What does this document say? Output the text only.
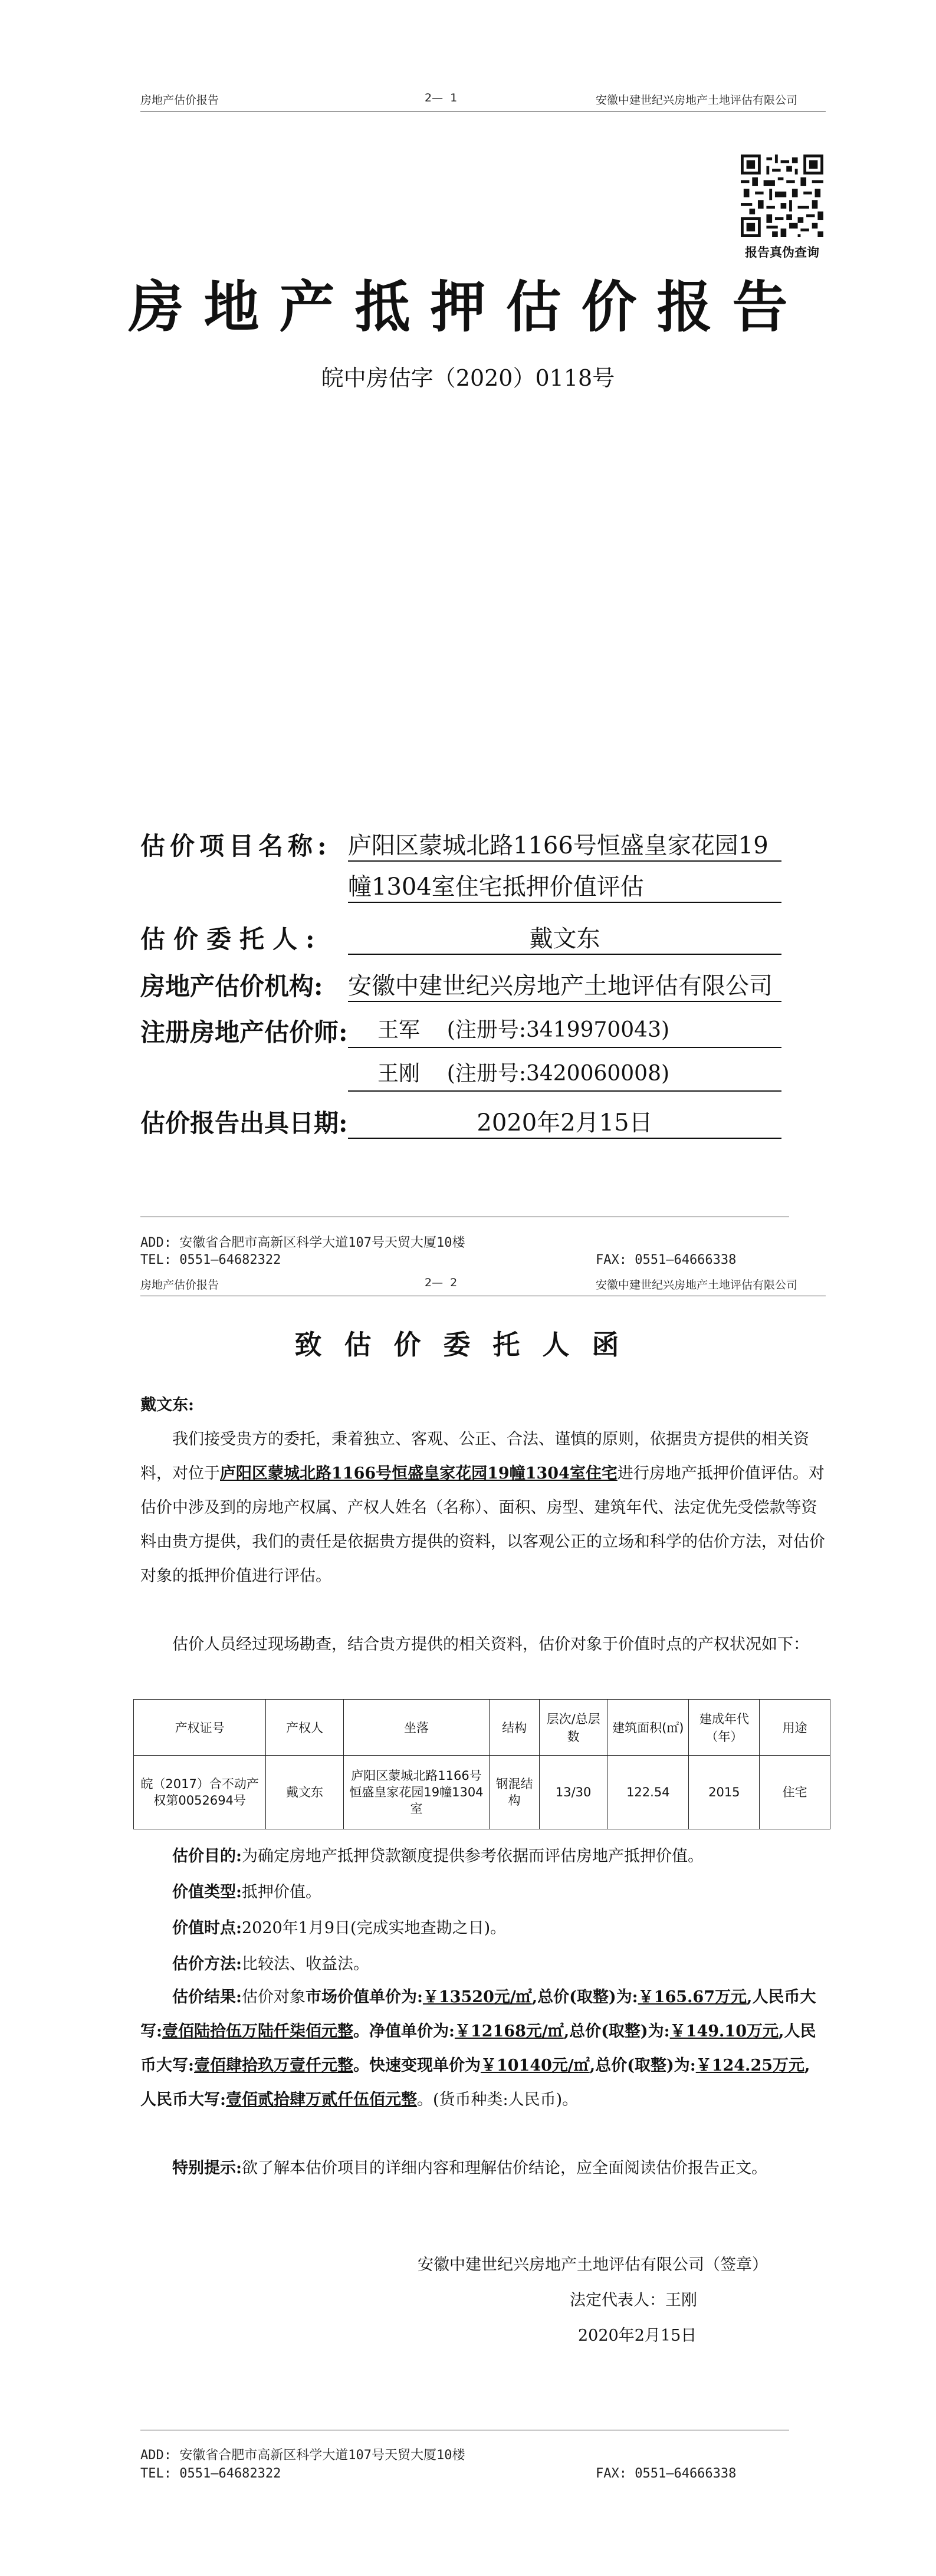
房地产估价报告	2—  1	安徽中建世纪兴房地产土地评估有限公司
报告真伪查询
房地产抵押估价报告
皖中房估字（2020）0118号
估价项目名称: 庐阳区蒙城北路1166号恒盛皇家花园19
幢1304室住宅抵押价值评估
估价委托人:	戴文东
房地产估价机构: 安徽中建世纪兴房地产土地评估有限公司
注册房地产估价师: 王军    (注册号:3419970043)
王刚    (注册号:3420060008)
估价报告出具日期:	2020年2月15日
ADD: 安徽省合肥市高新区科学大道107号天贸大厦10楼
TEL: 0551—64682322	FAX: 0551—64666338
房地产估价报告	2—  2	安徽中建世纪兴房地产土地评估有限公司
致估价委托人函
戴文东:
我们接受贵方的委托，秉着独立、客观、公正、合法、谨慎的原则，依据贵方提供的相关资料，对位于庐阳区蒙城北路1166号恒盛皇家花园19幢1304室住宅进行房地产抵押价值评估。对估价中涉及到的房地产权属、产权人姓名（名称）、面积、房型、建筑年代、法定优先受偿款等资料由贵方提供，我们的责任是依据贵方提供的资料，以客观公正的立场和科学的估价方法，对估价对象的抵押价值进行评估。
估价人员经过现场勘查，结合贵方提供的相关资料，估价对象于价值时点的产权状况如下：
产权证号	产权人	坐落	结构	层次/总层数	建筑面积(㎡)	建成年代（年）	用途
皖（2017）合不动产权第0052694号	戴文东	庐阳区蒙城北路1166号恒盛皇家花园19幢1304室	钢混结构	13/30	122.54	2015	住宅
估价目的:为确定房地产抵押贷款额度提供参考依据而评估房地产抵押价值。
价值类型:抵押价值。
价值时点:2020年1月9日(完成实地查勘之日)。
估价方法:比较法、收益法。
估价结果:估价对象市场价值单价为:￥13520元/㎡,总价(取整)为:￥165.67万元,人民币大写:壹佰陆拾伍万陆仟柒佰元整。净值单价为:￥12168元/㎡,总价(取整)为:￥149.10万元,人民币大写:壹佰肆拾玖万壹仟元整。快速变现单价为￥10140元/㎡,总价(取整)为:￥124.25万元,人民币大写:壹佰贰拾肆万贰仟伍佰元整。(货币种类:人民币)。
特别提示:欲了解本估价项目的详细内容和理解估价结论，应全面阅读估价报告正文。
安徽中建世纪兴房地产土地评估有限公司（签章）
法定代表人：王刚
2020年2月15日
ADD: 安徽省合肥市高新区科学大道107号天贸大厦10楼
TEL: 0551—64682322	FAX: 0551—64666338
